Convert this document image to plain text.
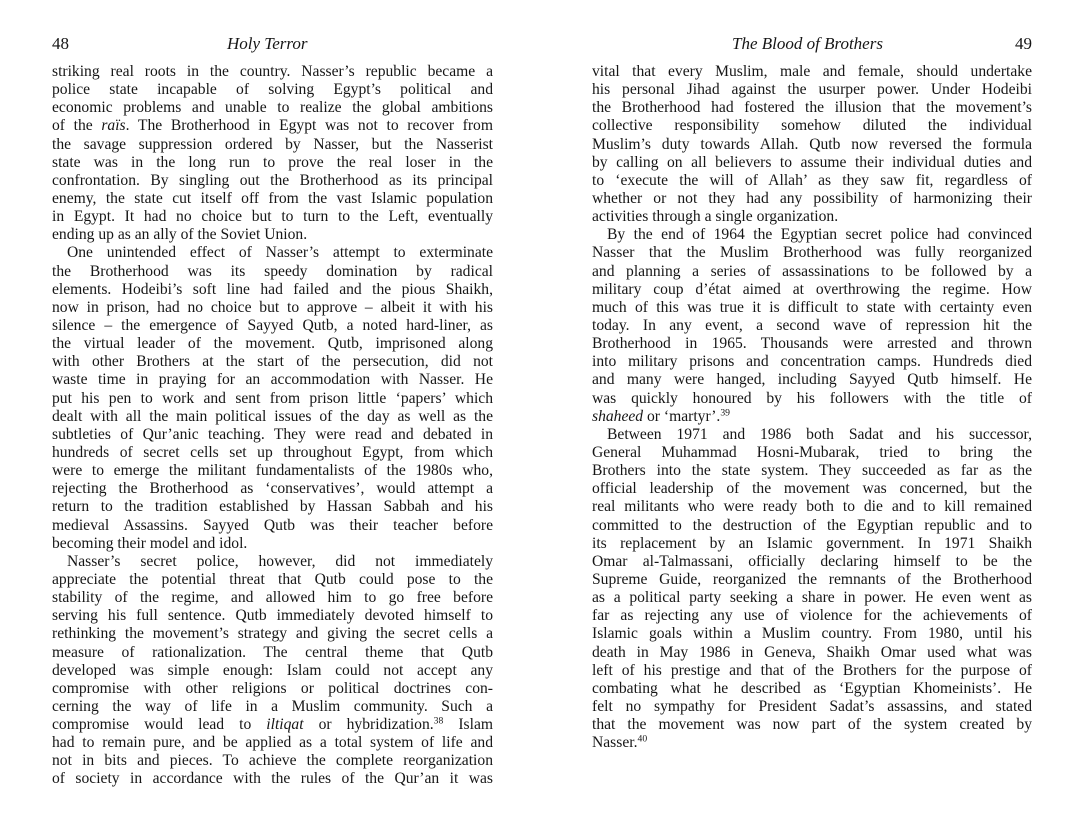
48	Holy Terror
striking real roots in the country. Nasser’s republic became a
police state incapable of solving Egypt’s political and
economic problems and unable to realize the global ambitions
of the raïs. The Brotherhood in Egypt was not to recover from
the savage suppression ordered by Nasser, but the Nasserist
state was in the long run to prove the real loser in the
confrontation. By singling out the Brotherhood as its principal
enemy, the state cut itself off from the vast Islamic population
in Egypt. It had no choice but to turn to the Left, eventually
ending up as an ally of the Soviet Union.
One unintended effect of Nasser’s attempt to exterminate
the Brotherhood was its speedy domination by radical
elements. Hodeibi’s soft line had failed and the pious Shaikh,
now in prison, had no choice but to approve – albeit it with his
silence – the emergence of Sayyed Qutb, a noted hard-liner, as
the virtual leader of the movement. Qutb, imprisoned along
with other Brothers at the start of the persecution, did not
waste time in praying for an accommodation with Nasser. He
put his pen to work and sent from prison little ‘papers’ which
dealt with all the main political issues of the day as well as the
subtleties of Qur’anic teaching. They were read and debated in
hundreds of secret cells set up throughout Egypt, from which
were to emerge the militant fundamentalists of the 1980s who,
rejecting the Brotherhood as ‘conservatives’, would attempt a
return to the tradition established by Hassan Sabbah and his
medieval Assassins. Sayyed Qutb was their teacher before
becoming their model and idol.
Nasser’s secret police, however, did not immediately
appreciate the potential threat that Qutb could pose to the
stability of the regime, and allowed him to go free before
serving his full sentence. Qutb immediately devoted himself to
rethinking the movement’s strategy and giving the secret cells a
measure of rationalization. The central theme that Qutb
developed was simple enough: Islam could not accept any
compromise with other religions or political doctrines con-
cerning the way of life in a Muslim community. Such a
compromise would lead to iltiqat or hybridization.$^{38}$ Islam
had to remain pure, and be applied as a total system of life and
not in bits and pieces. To achieve the complete reorganization
of society in accordance with the rules of the Qur’an it was
The Blood of Brothers	49
vital that every Muslim, male and female, should undertake
his personal Jihad against the usurper power. Under Hodeibi
the Brotherhood had fostered the illusion that the movement’s
collective responsibility somehow diluted the individual
Muslim’s duty towards Allah. Qutb now reversed the formula
by calling on all believers to assume their individual duties and
to ‘execute the will of Allah’ as they saw fit, regardless of
whether or not they had any possibility of harmonizing their
activities through a single organization.
By the end of 1964 the Egyptian secret police had convinced
Nasser that the Muslim Brotherhood was fully reorganized
and planning a series of assassinations to be followed by a
military coup d’état aimed at overthrowing the regime. How
much of this was true it is difficult to state with certainty even
today. In any event, a second wave of repression hit the
Brotherhood in 1965. Thousands were arrested and thrown
into military prisons and concentration camps. Hundreds died
and many were hanged, including Sayyed Qutb himself. He
was quickly honoured by his followers with the title of
shaheed or ‘martyr’.$^{39}$
Between 1971 and 1986 both Sadat and his successor,
General Muhammad Hosni-Mubarak, tried to bring the
Brothers into the state system. They succeeded as far as the
official leadership of the movement was concerned, but the
real militants who were ready both to die and to kill remained
committed to the destruction of the Egyptian republic and to
its replacement by an Islamic government. In 1971 Shaikh
Omar al-Talmassani, officially declaring himself to be the
Supreme Guide, reorganized the remnants of the Brotherhood
as a political party seeking a share in power. He even went as
far as rejecting any use of violence for the achievements of
Islamic goals within a Muslim country. From 1980, until his
death in May 1986 in Geneva, Shaikh Omar used what was
left of his prestige and that of the Brothers for the purpose of
combating what he described as ‘Egyptian Khomeinists’. He
felt no sympathy for President Sadat’s assassins, and stated
that the movement was now part of the system created by
Nasser.$^{40}$
